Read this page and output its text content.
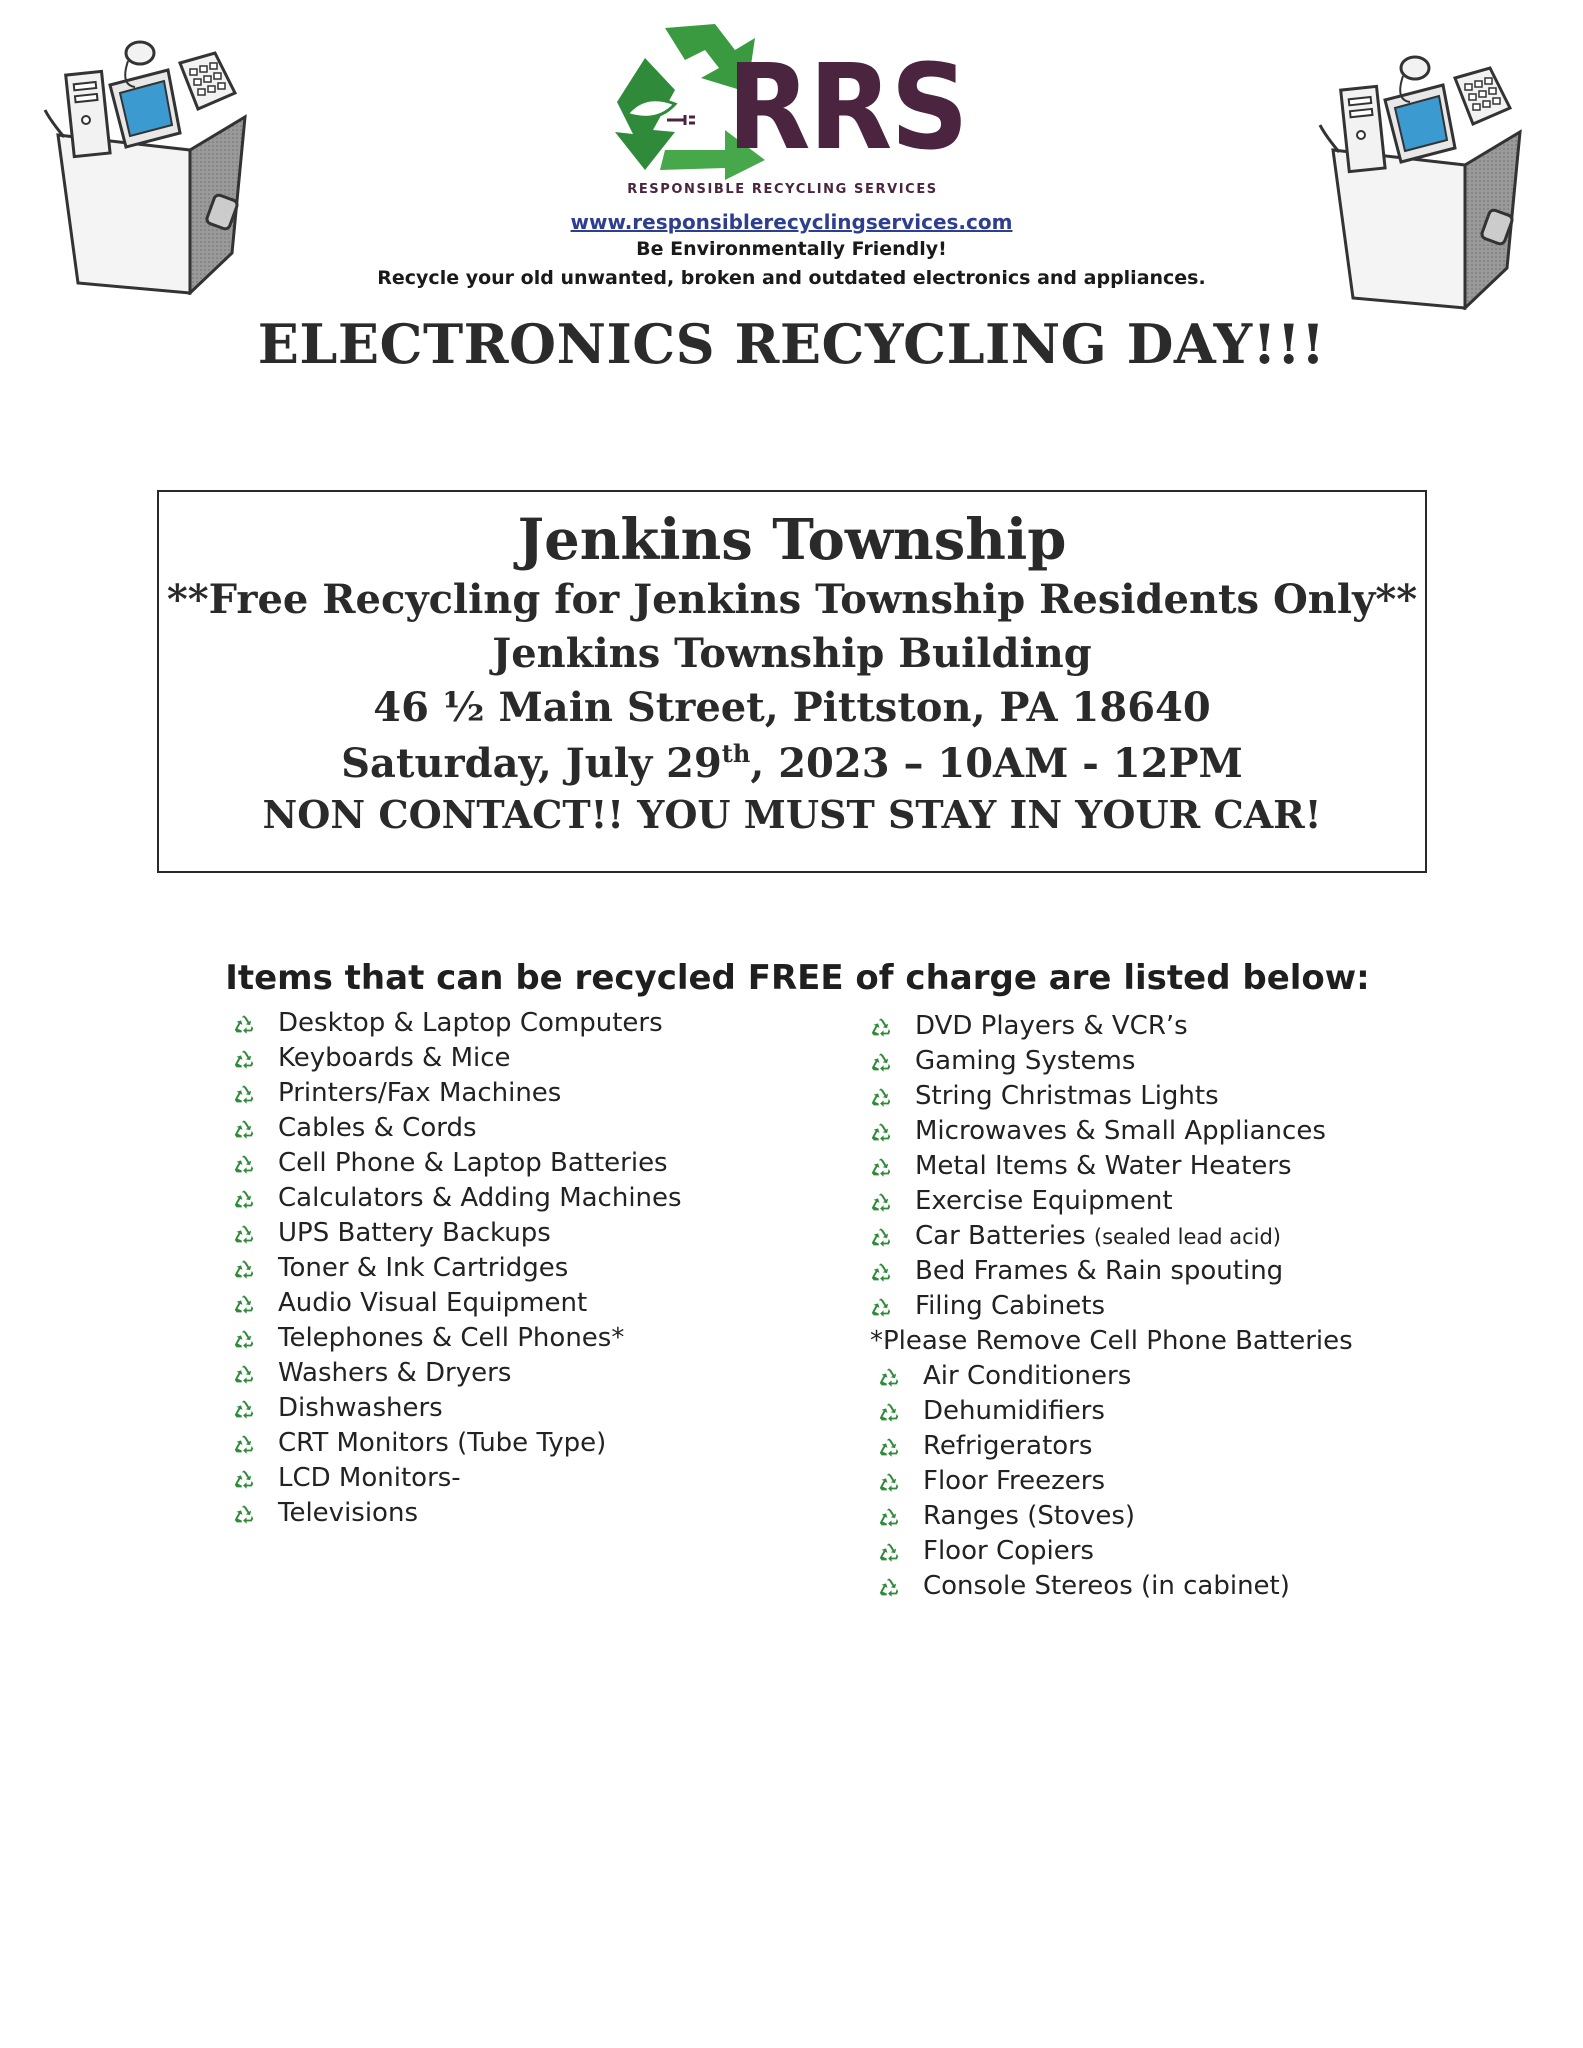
RRS
RESPONSIBLE RECYCLING SERVICES
www.responsiblerecyclingservices.com
Be Environmentally Friendly!
Recycle your old unwanted, broken and outdated electronics and appliances.
ELECTRONICS RECYCLING DAY!!!
Jenkins Township
**Free Recycling for Jenkins Township Residents Only**
Jenkins Township Building
46 ½ Main Street, Pittston, PA 18640
Saturday, July 29th, 2023 – 10AM - 12PM
NON CONTACT!! YOU MUST STAY IN YOUR CAR!
Items that can be recycled FREE of charge are listed below:
Desktop & Laptop Computers
Keyboards & Mice
Printers/Fax Machines
Cables & Cords
Cell Phone & Laptop Batteries
Calculators & Adding Machines
UPS Battery Backups
Toner & Ink Cartridges
Audio Visual Equipment
Telephones & Cell Phones*
Washers & Dryers
Dishwashers
CRT Monitors (Tube Type)
LCD Monitors-
Televisions
DVD Players & VCR’s
Gaming Systems
String Christmas Lights
Microwaves & Small Appliances
Metal Items & Water Heaters
Exercise Equipment
Car Batteries (sealed lead acid)
Bed Frames & Rain spouting
Filing Cabinets
*Please Remove Cell Phone Batteries
Air Conditioners
Dehumidifiers
Refrigerators
Floor Freezers
Ranges (Stoves)
Floor Copiers
Console Stereos (in cabinet)
